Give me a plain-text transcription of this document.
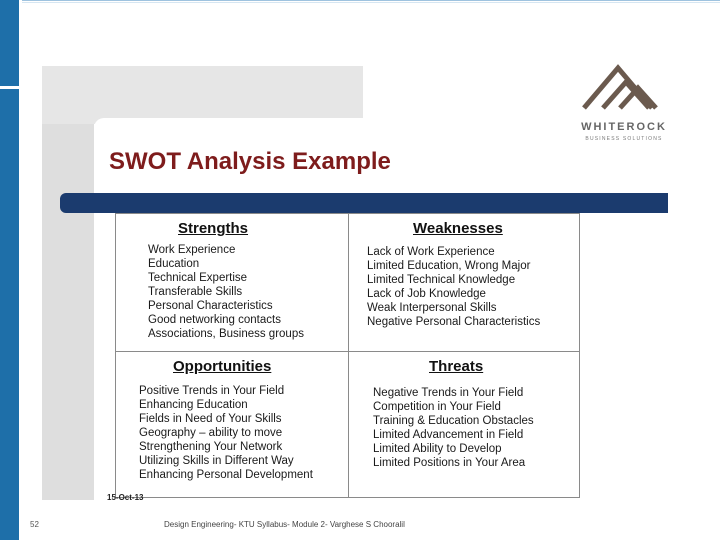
SWOT Analysis Example
Strengths
Work Experience
Education
Technical Expertise
Transferable Skills
Personal Characteristics
Good networking contacts
Associations, Business groups
Weaknesses
Lack of Work Experience
Limited Education, Wrong Major
Limited Technical Knowledge
Lack of Job Knowledge
Weak Interpersonal Skills
Negative Personal Characteristics
Opportunities
Positive Trends in Your Field
Enhancing Education
Fields in Need of Your Skills
Geography – ability to move
Strengthening Your Network
Utilizing Skills in Different Way
Enhancing Personal Development
Threats
Negative Trends in Your Field
Competition in Your Field
Training & Education Obstacles
Limited Advancement in Field
Limited Ability to Develop
Limited Positions in Your Area
15-Oct-13
WHITEROCK
BUSINESS SOLUTIONS
52	Design Engineering- KTU Syllabus- Module 2- Varghese S Chooralil
